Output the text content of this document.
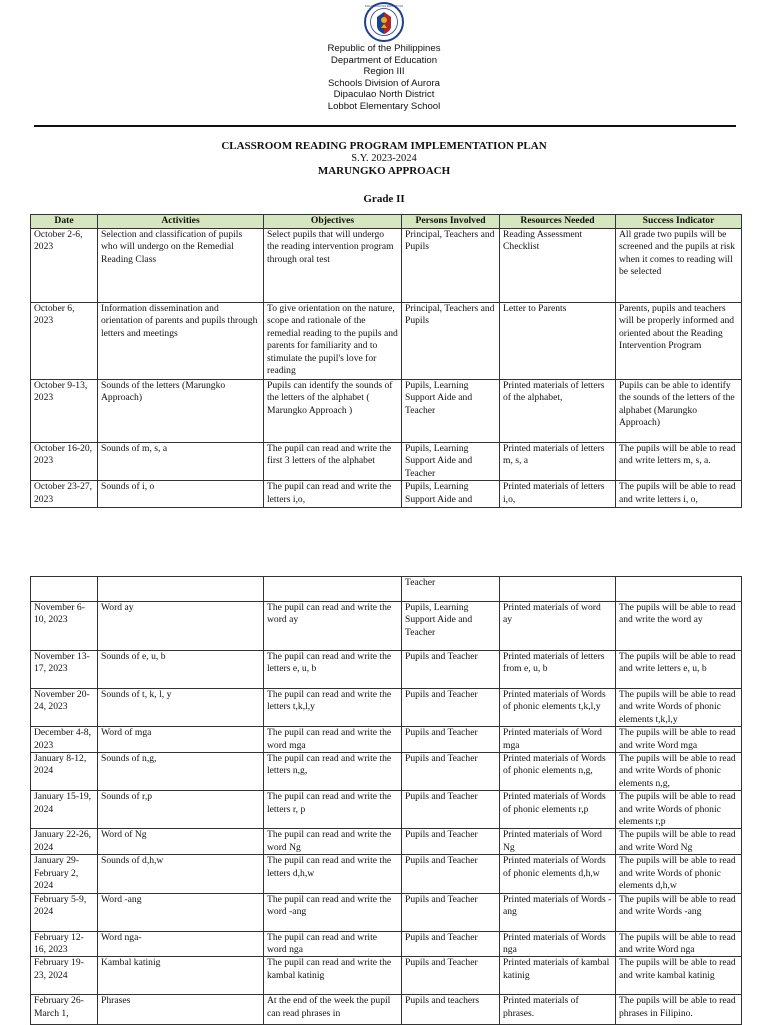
KAGAWARAN NG EDUKASYON
Republic of the Philippines
Department of Education
Region III
Schools Division of Aurora
Dipaculao North District
Lobbot Elementary School
CLASSROOM READING PROGRAM IMPLEMENTATION PLAN
S.Y. 2023-2024
MARUNGKO APPROACH
Grade II
Date	Activities	Objectives	Persons Involved	Resources Needed	Success Indicator
October 2-6, 2023	Selection and classification of pupils who will undergo on the Remedial Reading Class	Select pupils that will undergo the reading intervention program through oral test	Principal, Teachers and Pupils	Reading Assessment Checklist	All grade two pupils will be screened and the pupils at risk when it comes to reading will be selected
October 6, 2023	Information dissemination and orientation of parents and pupils through letters and meetings	To give orientation on the nature, scope and rationale of the remedial reading to the pupils and parents for familiarity and to stimulate the pupil's love for reading	Principal, Teachers and Pupils	Letter to Parents	Parents, pupils and teachers will be properly informed and oriented about the Reading Intervention Program
October 9-13, 2023	Sounds of the letters (Marungko Approach)	Pupils can identify the sounds of the letters of the alphabet ( Marungko Approach )	Pupils, Learning Support Aide and Teacher	Printed materials of letters of the alphabet,	Pupils can be able to identify the sounds of the letters of the alphabet (Marungko Approach)
October 16-20, 2023	Sounds of m, s, a	The pupil can read and write the first 3 letters of the alphabet	Pupils, Learning Support Aide and Teacher	Printed materials of letters m, s, a	The pupils will be able to read and write letters m, s, a.
October 23-27, 2023	Sounds of i, o	The pupil can read and write the letters i,o,	Pupils, Learning Support Aide and	Printed materials of letters i,o,	The pupils will be able to read and write letters i, o,
			Teacher		
November 6-10, 2023	Word ay	The pupil can read and write the word ay	Pupils, Learning Support Aide and Teacher	Printed materials of word ay	The pupils will be able to read and write the word ay
November 13-17, 2023	Sounds of e, u, b	The pupil can read and write the letters e, u, b	Pupils and Teacher	Printed materials of letters from e, u, b	The pupils will be able to read and write letters e, u, b
November 20-24, 2023	Sounds of t, k, l, y	The pupil can read and write the letters t,k,l,y	Pupils and Teacher	Printed materials of Words of phonic elements t,k,l,y	The pupils will be able to read and write Words of phonic elements t,k,l,y
December 4-8, 2023	Word of mga	The pupil can read and write the word mga	Pupils and Teacher	Printed materials of Word mga	The pupils will be able to read and write Word mga
January 8-12, 2024	Sounds of n,g,	The pupil can read and write the letters n,g,	Pupils and Teacher	Printed materials of Words of phonic elements n,g,	The pupils will be able to read and write Words of phonic elements n,g,
January 15-19, 2024	Sounds of r,p	The pupil can read and write the letters r, p	Pupils and Teacher	Printed materials of Words of phonic elements r,p	The pupils will be able to read and write Words of phonic elements r,p
January 22-26, 2024	Word of Ng	The pupil can read and write the word Ng	Pupils and Teacher	Printed materials of Word Ng	The pupils will be able to read and write Word Ng
January 29-February 2, 2024	Sounds of d,h,w	The pupil can read and write the letters d,h,w	Pupils and Teacher	Printed materials of Words of phonic elements d,h,w	The pupils will be able to read and write Words of phonic elements d,h,w
February 5-9, 2024	Word -ang	The pupil can read and write the word -ang	Pupils and Teacher	Printed materials of Words -ang	The pupils will be able to read and write Words -ang
February 12-16, 2023	Word nga-	The pupil can read and write word nga	Pupils and Teacher	Printed materials of Words nga	The pupils will be able to read and write Word nga
February 19-23, 2024	Kambal katinig	The pupil can read and write the kambal katinig	Pupils and Teacher	Printed materials of kambal katinig	The pupils will be able to read and write kambal katinig
February 26-March 1,	Phrases	At the end of the week the pupil can read phrases in	Pupils and teachers	Printed materials of phrases.	The pupils will be able to read phrases in Filipino.
